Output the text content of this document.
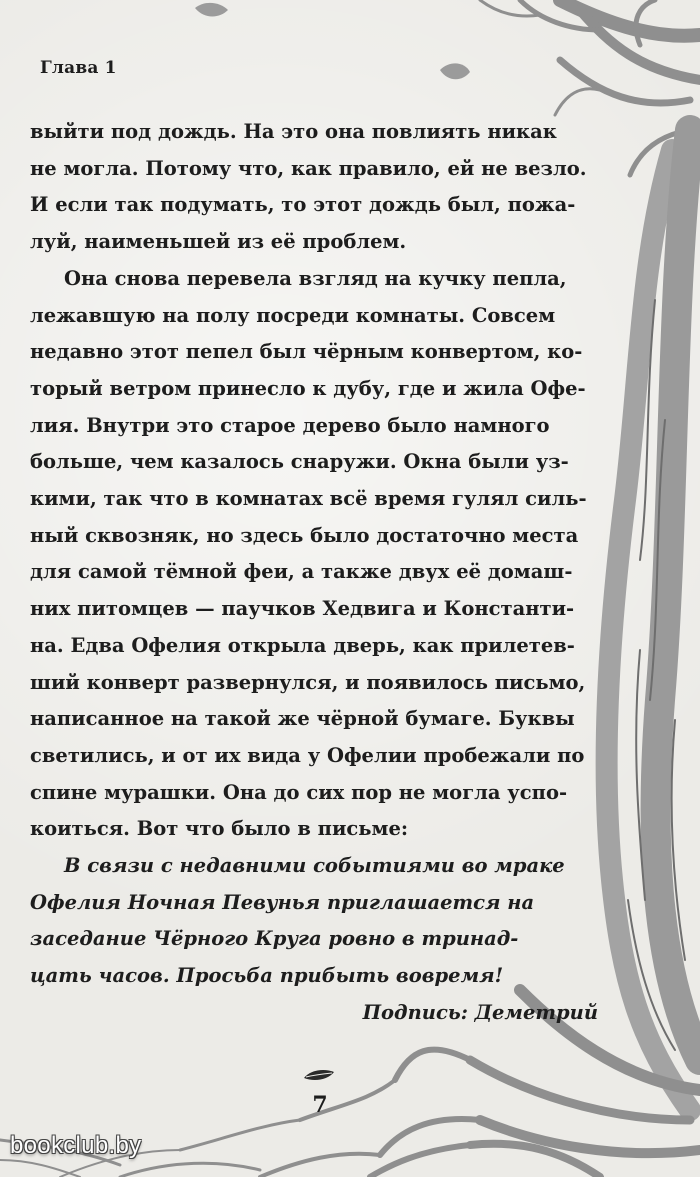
Глава 1
выйти под дождь. На это она повлиять никак
не могла. Потому что, как правило, ей не везло.
И если так подумать, то этот дождь был, пожа-
луй, наименьшей из её проблем.
Она снова перевела взгляд на кучку пепла,
лежавшую на полу посреди комнаты. Совсем
недавно этот пепел был чёрным конвертом, ко-
торый ветром принесло к дубу, где и жила Офе-
лия. Внутри это старое дерево было намного
больше, чем казалось снаружи. Окна были уз-
кими, так что в комнатах всё время гулял силь-
ный сквозняк, но здесь было достаточно места
для самой тёмной феи, а также двух её домаш-
них питомцев — паучков Хедвига и Константи-
на. Едва Офелия открыла дверь, как прилетев-
ший конверт развернулся, и появилось письмо,
написанное на такой же чёрной бумаге. Буквы
светились, и от их вида у Офелии пробежали по
спине мурашки. Она до сих пор не могла успо-
коиться. Вот что было в письме:
В связи с недавними событиями во мраке
Офелия Ночная Певунья приглашается на
заседание Чёрного Круга ровно в тринад-
цать часов. Просьба прибыть вовремя!
Подпись: Деметрий
7
bookclub.by
